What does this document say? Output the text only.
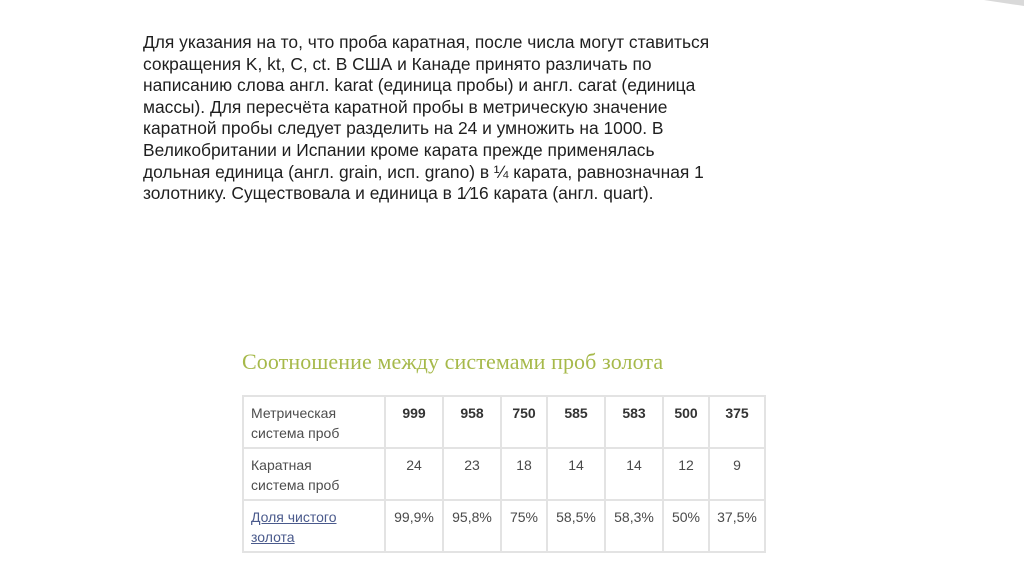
Для указания на то, что проба каратная, после числа могут ставиться
сокращения K, kt, C, ct. В США и Канаде принято различать по
написанию слова англ. karat (единица пробы) и англ. carat (единица
массы). Для пересчёта каратной пробы в метрическую значение
каратной пробы следует разделить на 24 и умножить на 1000. В
Великобритании и Испании кроме карата прежде применялась
дольная единица (англ. grain, исп. grano) в ¼ карата, равнозначная 1
золотнику. Существовала и единица в 1⁄16 карата (англ. quart).
Соотношение между системами проб золота
Метрическая
система проб	999	958	750	585	583	500	375
Каратная
система проб	24	23	18	14	14	12	9
Доля чистого
золота	99,9%	95,8%	75%	58,5%	58,3%	50%	37,5%
